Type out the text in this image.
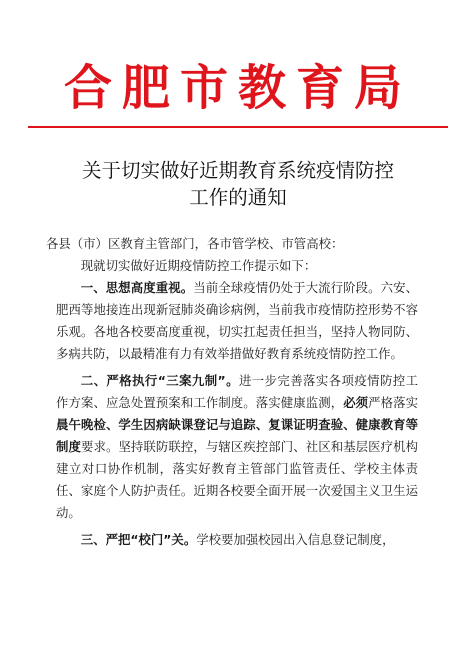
合肥市教育局
关于切实做好近期教育系统疫情防控
工作的通知

各县（市）区教育主管部门，各市管学校、市管高校：

现就切实做好近期疫情防控工作提示如下：

一、思想高度重视。当前全球疫情仍处于大流行阶段。六安、肥西等地接连出现新冠肺炎确诊病例，当前我市疫情防控形势不容乐观。各地各校要高度重视，切实扛起责任担当，坚持人物同防、多病共防，以最精准有力有效举措做好教育系统疫情防控工作。

二、严格执行“三案九制”。进一步完善落实各项疫情防控工作方案、应急处置预案和工作制度。落实健康监测，必须严格落实晨午晚检、学生因病缺课登记与追踪、复课证明查验、健康教育等制度要求。坚持联防联控，与辖区疾控部门、社区和基层医疗机构建立对口协作机制，落实好教育主管部门监管责任、学校主体责任、家庭个人防护责任。近期各校要全面开展一次爱国主义卫生运动。

三、严把“校门”关。学校要加强校园出入信息登记制度，
